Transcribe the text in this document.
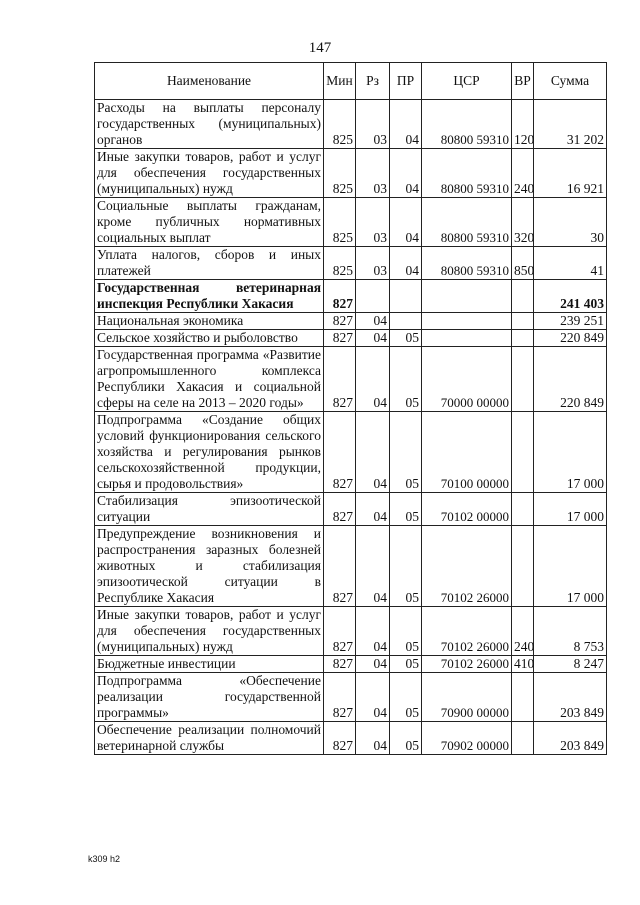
147
Наименование	Мин	Рз	ПР	ЦСР	ВР	Сумма
Расходы на выплаты персоналу государственных (муниципальных) органов	825	03	04	80800 59310	120	31 202
Иные закупки товаров, работ и услуг для обеспечения государственных (муниципальных) нужд	825	03	04	80800 59310	240	16 921
Социальные выплаты гражданам, кроме публичных нормативных социальных выплат	825	03	04	80800 59310	320	30
Уплата налогов, сборов и иных платежей	825	03	04	80800 59310	850	41
Государственная ветеринарная инспекция Республики Хакасия	827					241 403
Национальная экономика	827	04				239 251
Сельское хозяйство и рыболовство	827	04	05			220 849
Государственная программа «Развитие агропромышленного комплекса Республики Хакасия и социальной сферы на селе на 2013 – 2020 годы»	827	04	05	70000 00000		220 849
Подпрограмма «Создание общих условий функционирования сельского хозяйства и регулирования рынков сельскохозяйственной продукции, сырья и продовольствия»	827	04	05	70100 00000		17 000
Стабилизация эпизоотической ситуации	827	04	05	70102 00000		17 000
Предупреждение возникновения и распространения заразных болезней животных и стабилизация эпизоотической ситуации в Республике Хакасия	827	04	05	70102 26000		17 000
Иные закупки товаров, работ и услуг для обеспечения государственных (муниципальных) нужд	827	04	05	70102 26000	240	8 753
Бюджетные инвестиции	827	04	05	70102 26000	410	8 247
Подпрограмма «Обеспечение реализации государственной программы»	827	04	05	70900 00000		203 849
Обеспечение реализации полномочий ветеринарной службы	827	04	05	70902 00000		203 849
k309 h2
